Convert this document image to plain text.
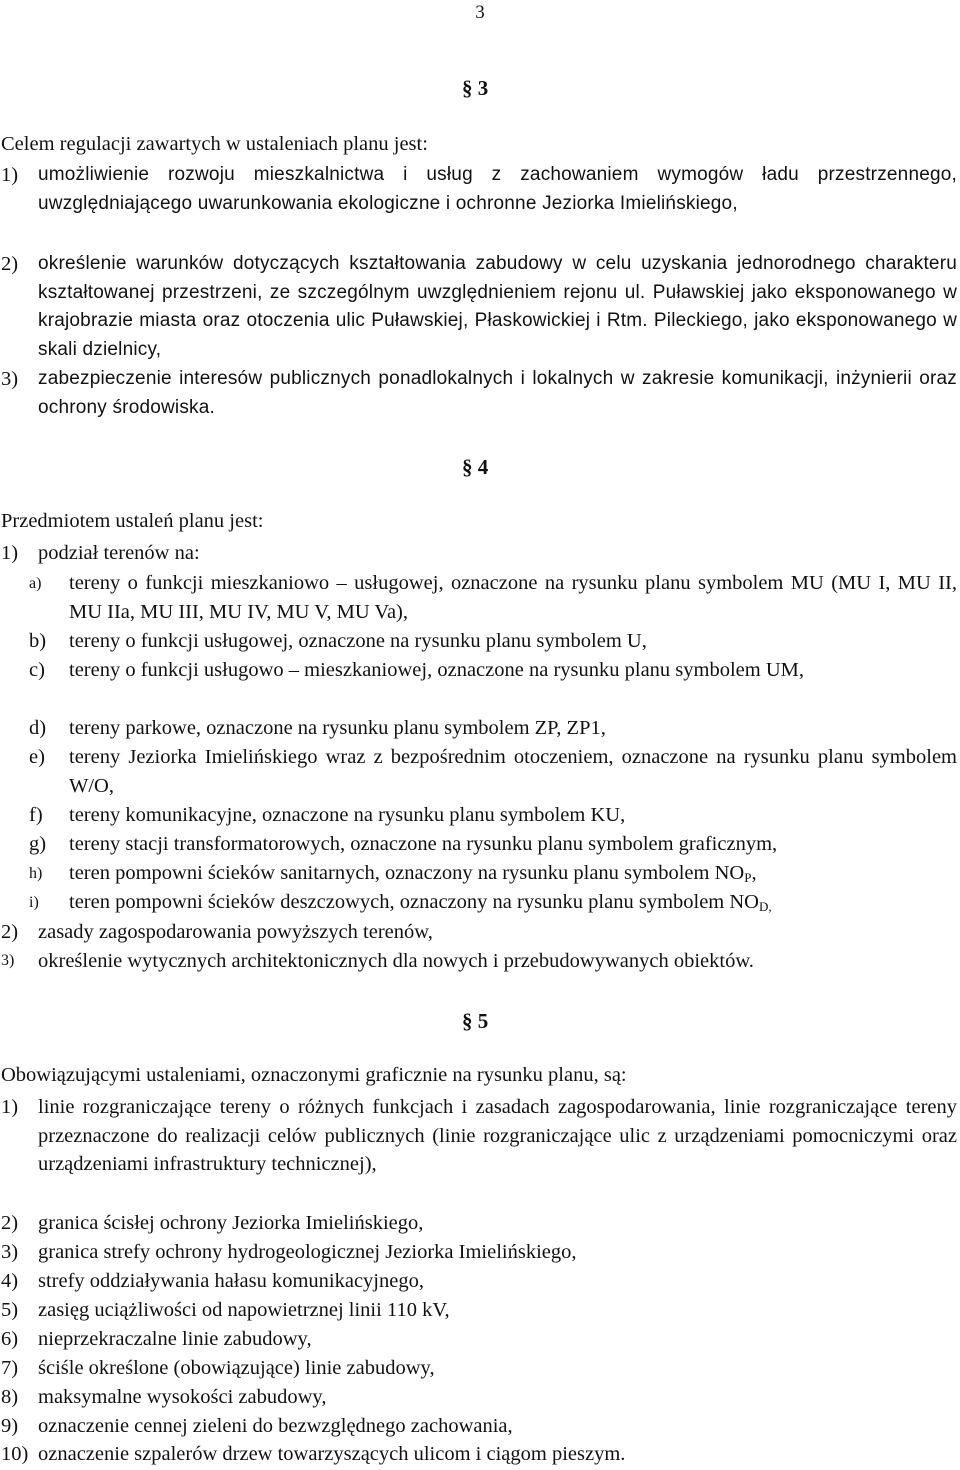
3
§ 3
Celem regulacji zawartych w ustaleniach planu jest:
1) umożliwienie rozwoju mieszkalnictwa i usług z zachowaniem wymogów ładu przestrzennego, uwzględniającego uwarunkowania ekologiczne i ochronne Jeziorka Imielińskiego,
2) określenie warunków dotyczących kształtowania zabudowy w celu uzyskania jednorodnego charakteru kształtowanej przestrzeni, ze szczególnym uwzględnieniem rejonu ul. Puławskiej jako eksponowanego w krajobrazie miasta oraz otoczenia ulic Puławskiej, Płaskowickiej i Rtm. Pileckiego, jako eksponowanego w skali dzielnicy,
3) zabezpieczenie interesów publicznych ponadlokalnych i lokalnych w zakresie komunikacji, inżynierii oraz ochrony środowiska.
§ 4
Przedmiotem ustaleń planu jest:
1) podział terenów na:
a) tereny o funkcji mieszkaniowo – usługowej, oznaczone na rysunku planu symbolem MU (MU I, MU II, MU IIa, MU III, MU IV, MU V, MU Va),
b) tereny o funkcji usługowej, oznaczone na rysunku planu symbolem U,
c) tereny o funkcji usługowo – mieszkaniowej, oznaczone na rysunku planu symbolem UM,
d) tereny parkowe, oznaczone na rysunku planu symbolem ZP, ZP1,
e) tereny Jeziorka Imielińskiego wraz z bezpośrednim otoczeniem, oznaczone na rysunku planu symbolem W/O,
f) tereny komunikacyjne, oznaczone na rysunku planu symbolem KU,
g) tereny stacji transformatorowych, oznaczone na rysunku planu symbolem graficznym,
h) teren pompowni ścieków sanitarnych, oznaczony na rysunku planu symbolem $NO_P$,
i) teren pompowni ścieków deszczowych, oznaczony na rysunku planu symbolem $NO_{D,}$
2) zasady zagospodarowania powyższych terenów,
3) określenie wytycznych architektonicznych dla nowych i przebudowywanych obiektów.
§ 5
Obowiązującymi ustaleniami, oznaczonymi graficznie na rysunku planu, są:
1) linie rozgraniczające tereny o różnych funkcjach i zasadach zagospodarowania, linie rozgraniczające tereny przeznaczone do realizacji celów publicznych (linie rozgraniczające ulic z urządzeniami pomocniczymi oraz urządzeniami infrastruktury technicznej),
2) granica ścisłej ochrony Jeziorka Imielińskiego,
3) granica strefy ochrony hydrogeologicznej Jeziorka Imielińskiego,
4) strefy oddziaływania hałasu komunikacyjnego,
5) zasięg uciążliwości od napowietrznej linii 110 kV,
6) nieprzekraczalne linie zabudowy,
7) ściśle określone (obowiązujące) linie zabudowy,
8) maksymalne wysokości zabudowy,
9) oznaczenie cennej zieleni do bezwzględnego zachowania,
10) oznaczenie szpalerów drzew towarzyszących ulicom i ciągom pieszym.
